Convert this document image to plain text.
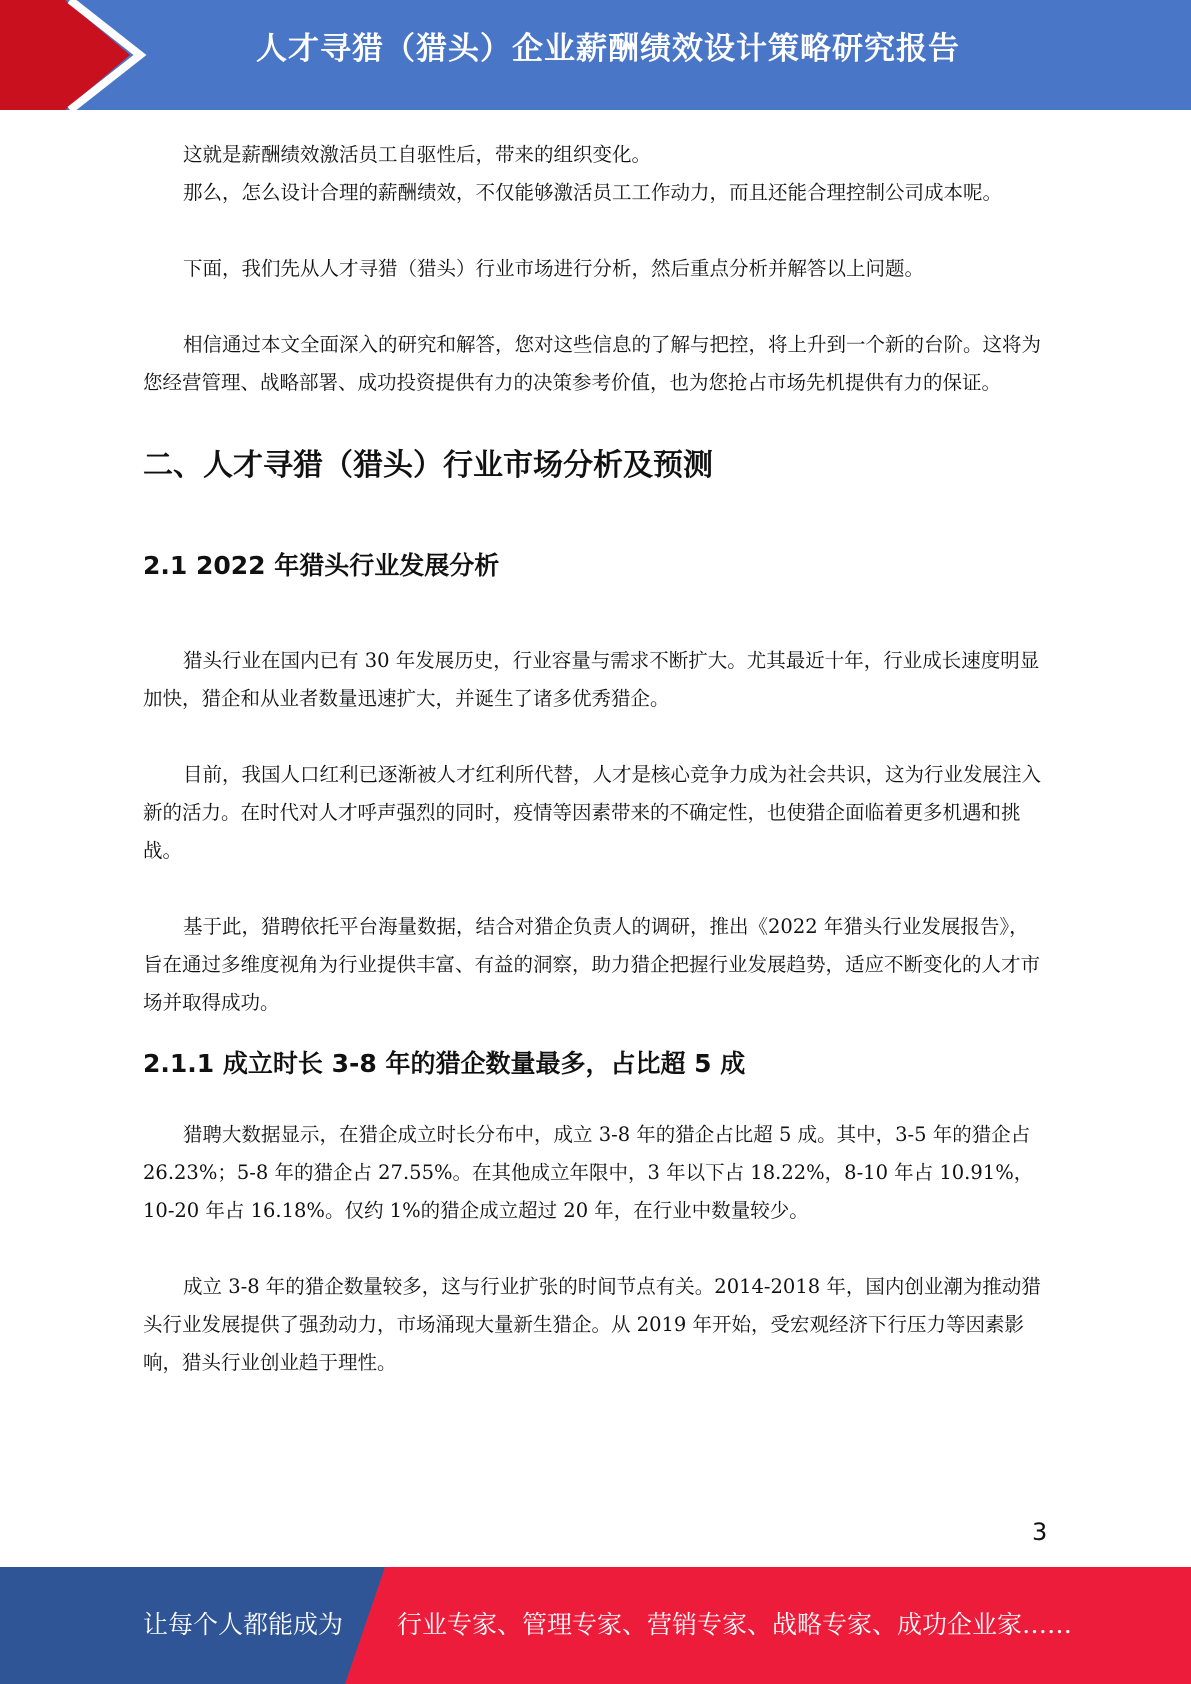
人才寻猎（猎头）企业薪酬绩效设计策略研究报告

这就是薪酬绩效激活员工自驱性后，带来的组织变化。

那么，怎么设计合理的薪酬绩效，不仅能够激活员工工作动力，而且还能合理控制公司成本呢。

下面，我们先从人才寻猎（猎头）行业市场进行分析，然后重点分析并解答以上问题。

相信通过本文全面深入的研究和解答，您对这些信息的了解与把控，将上升到一个新的台阶。这将为您经营管理、战略部署、成功投资提供有力的决策参考价值，也为您抢占市场先机提供有力的保证。

二、人才寻猎（猎头）行业市场分析及预测
2.1 2022 年猎头行业发展分析

猎头行业在国内已有 30 年发展历史，行业容量与需求不断扩大。尤其最近十年，行业成长速度明显加快，猎企和从业者数量迅速扩大，并诞生了诸多优秀猎企。

目前，我国人口红利已逐渐被人才红利所代替，人才是核心竞争力成为社会共识，这为行业发展注入新的活力。在时代对人才呼声强烈的同时，疫情等因素带来的不确定性，也使猎企面临着更多机遇和挑战。

基于此，猎聘依托平台海量数据，结合对猎企负责人的调研，推出《2022 年猎头行业发展报告》，旨在通过多维度视角为行业提供丰富、有益的洞察，助力猎企把握行业发展趋势，适应不断变化的人才市场并取得成功。

2.1.1 成立时长 3-8 年的猎企数量最多，占比超 5 成

猎聘大数据显示，在猎企成立时长分布中，成立 3-8 年的猎企占比超 5 成。其中，3-5 年的猎企占 26.23%；5-8 年的猎企占 27.55%。在其他成立年限中，3 年以下占 18.22%，8-10 年占 10.91%，10-20 年占 16.18%。仅约 1%的猎企成立超过 20 年，在行业中数量较少。

成立 3-8 年的猎企数量较多，这与行业扩张的时间节点有关。2014-2018 年，国内创业潮为推动猎头行业发展提供了强劲动力，市场涌现大量新生猎企。从 2019 年开始，受宏观经济下行压力等因素影响，猎头行业创业趋于理性。

3
让每个人都能成为 行业专家、管理专家、营销专家、战略专家、成功企业家……
